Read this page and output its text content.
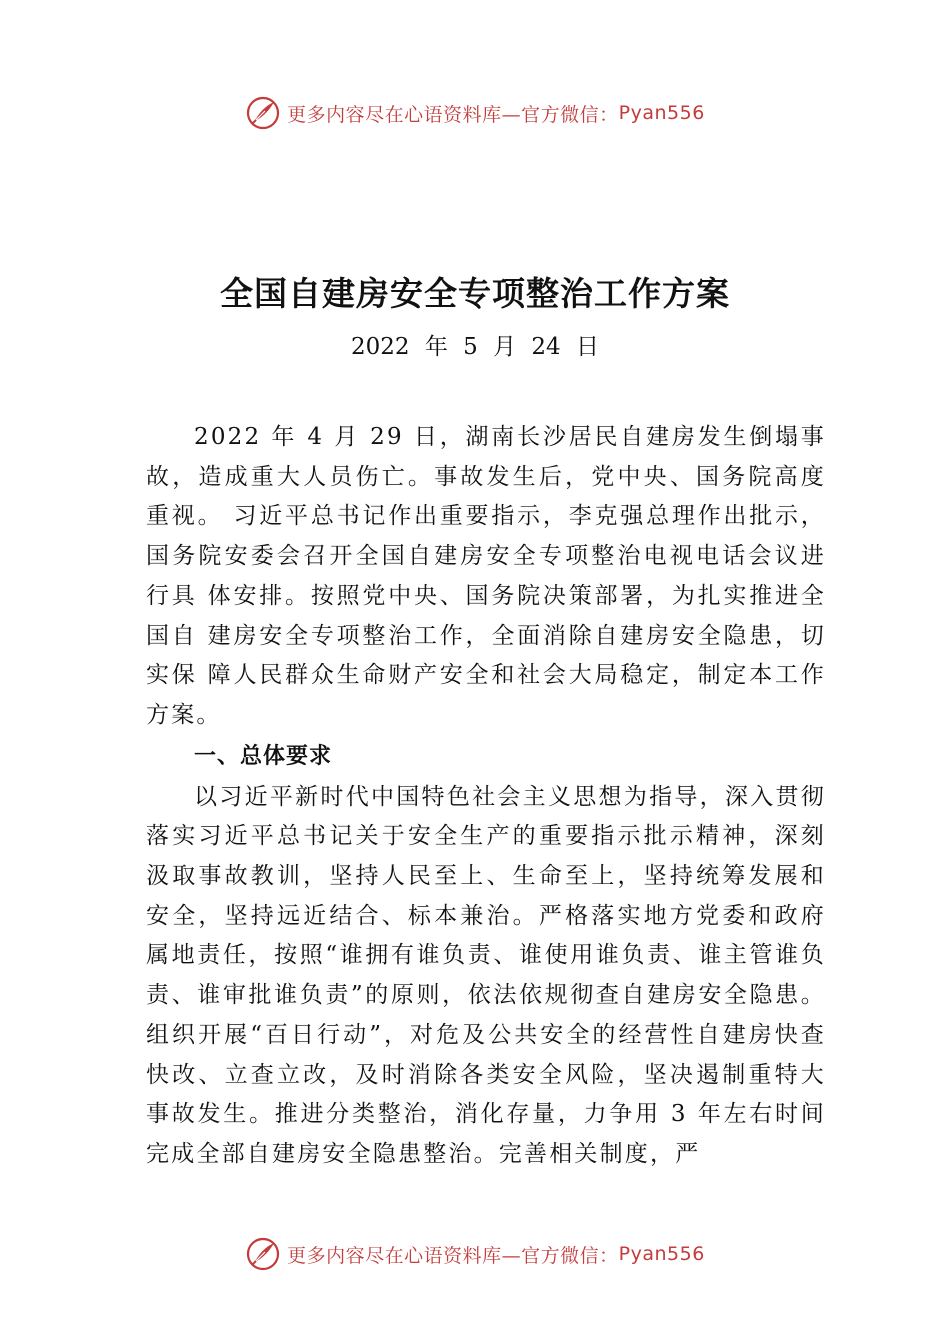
更多内容尽在心语资料库—官方微信： Pyan556
全国自建房安全专项整治工作方案
2022 年 5 月 24 日

2022 年 4 月 29 日，湖南长沙居民自建房发生倒塌事故，造成重大人员伤亡。事故发生后，党中央、国务院高度重视。 习近平总书记作出重要指示，李克强总理作出批示，国务院安委会召开全国自建房安全专项整治电视电话会议进行具 体安排。按照党中央、国务院决策部署，为扎实推进全国自 建房安全专项整治工作，全面消除自建房安全隐患，切实保 障人民群众生命财产安全和社会大局稳定，制定本工作方案。

一、总体要求

以习近平新时代中国特色社会主义思想为指导，深入贯彻落实习近平总书记关于安全生产的重要指示批示精神，深刻汲取事故教训，坚持人民至上、生命至上，坚持统筹发展和安全，坚持远近结合、标本兼治。严格落实地方党委和政府属地责任，按照“谁拥有谁负责、谁使用谁负责、谁主管谁负责、谁审批谁负责”的原则，依法依规彻查自建房安全隐患。组织开展“百日行动”，对危及公共安全的经营性自建房快查快改、立查立改，及时消除各类安全风险，坚决遏制重特大事故发生。推进分类整治，消化存量，力争用 3 年左右时间完成全部自建房安全隐患整治。完善相关制度，严

更多内容尽在心语资料库—官方微信： Pyan556
